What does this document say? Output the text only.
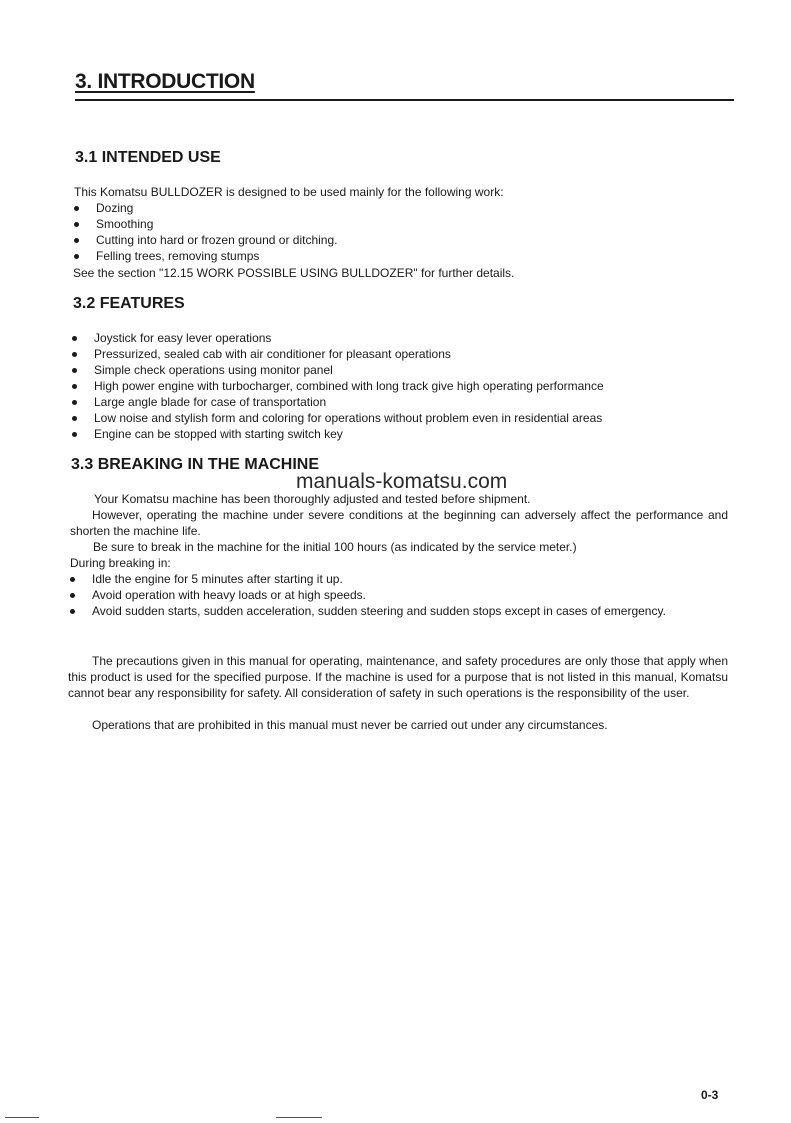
3. INTRODUCTION
3.1 INTENDED USE

This Komatsu BULLDOZER is designed to be used mainly for the following work:

Dozing
Smoothing
Cutting into hard or frozen ground or ditching.
Felling trees, removing stumps

See the section "12.15 WORK POSSIBLE USING BULLDOZER" for further details.

3.2 FEATURES
Joystick for easy lever operations
Pressurized, sealed cab with air conditioner for pleasant operations
Simple check operations using monitor panel
High power engine with turbocharger, combined with long track give high operating performance
Large angle blade for case of transportation
Low noise and stylish form and coloring for operations without problem even in residential areas
Engine can be stopped with starting switch key
3.3 BREAKING IN THE MACHINE

manuals-komatsu.com

Your Komatsu machine has been thoroughly adjusted and tested before shipment.

However, operating the machine under severe conditions at the beginning can adversely affect the performance and shorten the machine life.

Be sure to break in the machine for the initial 100 hours (as indicated by the service meter.)

During breaking in:

Idle the engine for 5 minutes after starting it up.
Avoid operation with heavy loads or at high speeds.
Avoid sudden starts, sudden acceleration, sudden steering and sudden stops except in cases of emergency.

The precautions given in this manual for operating, maintenance, and safety procedures are only those that apply when this product is used for the specified purpose. If the machine is used for a purpose that is not listed in this manual, Komatsu cannot bear any responsibility for safety. All consideration of safety in such operations is the responsibility of the user.

Operations that are prohibited in this manual must never be carried out under any circumstances.

0-3
